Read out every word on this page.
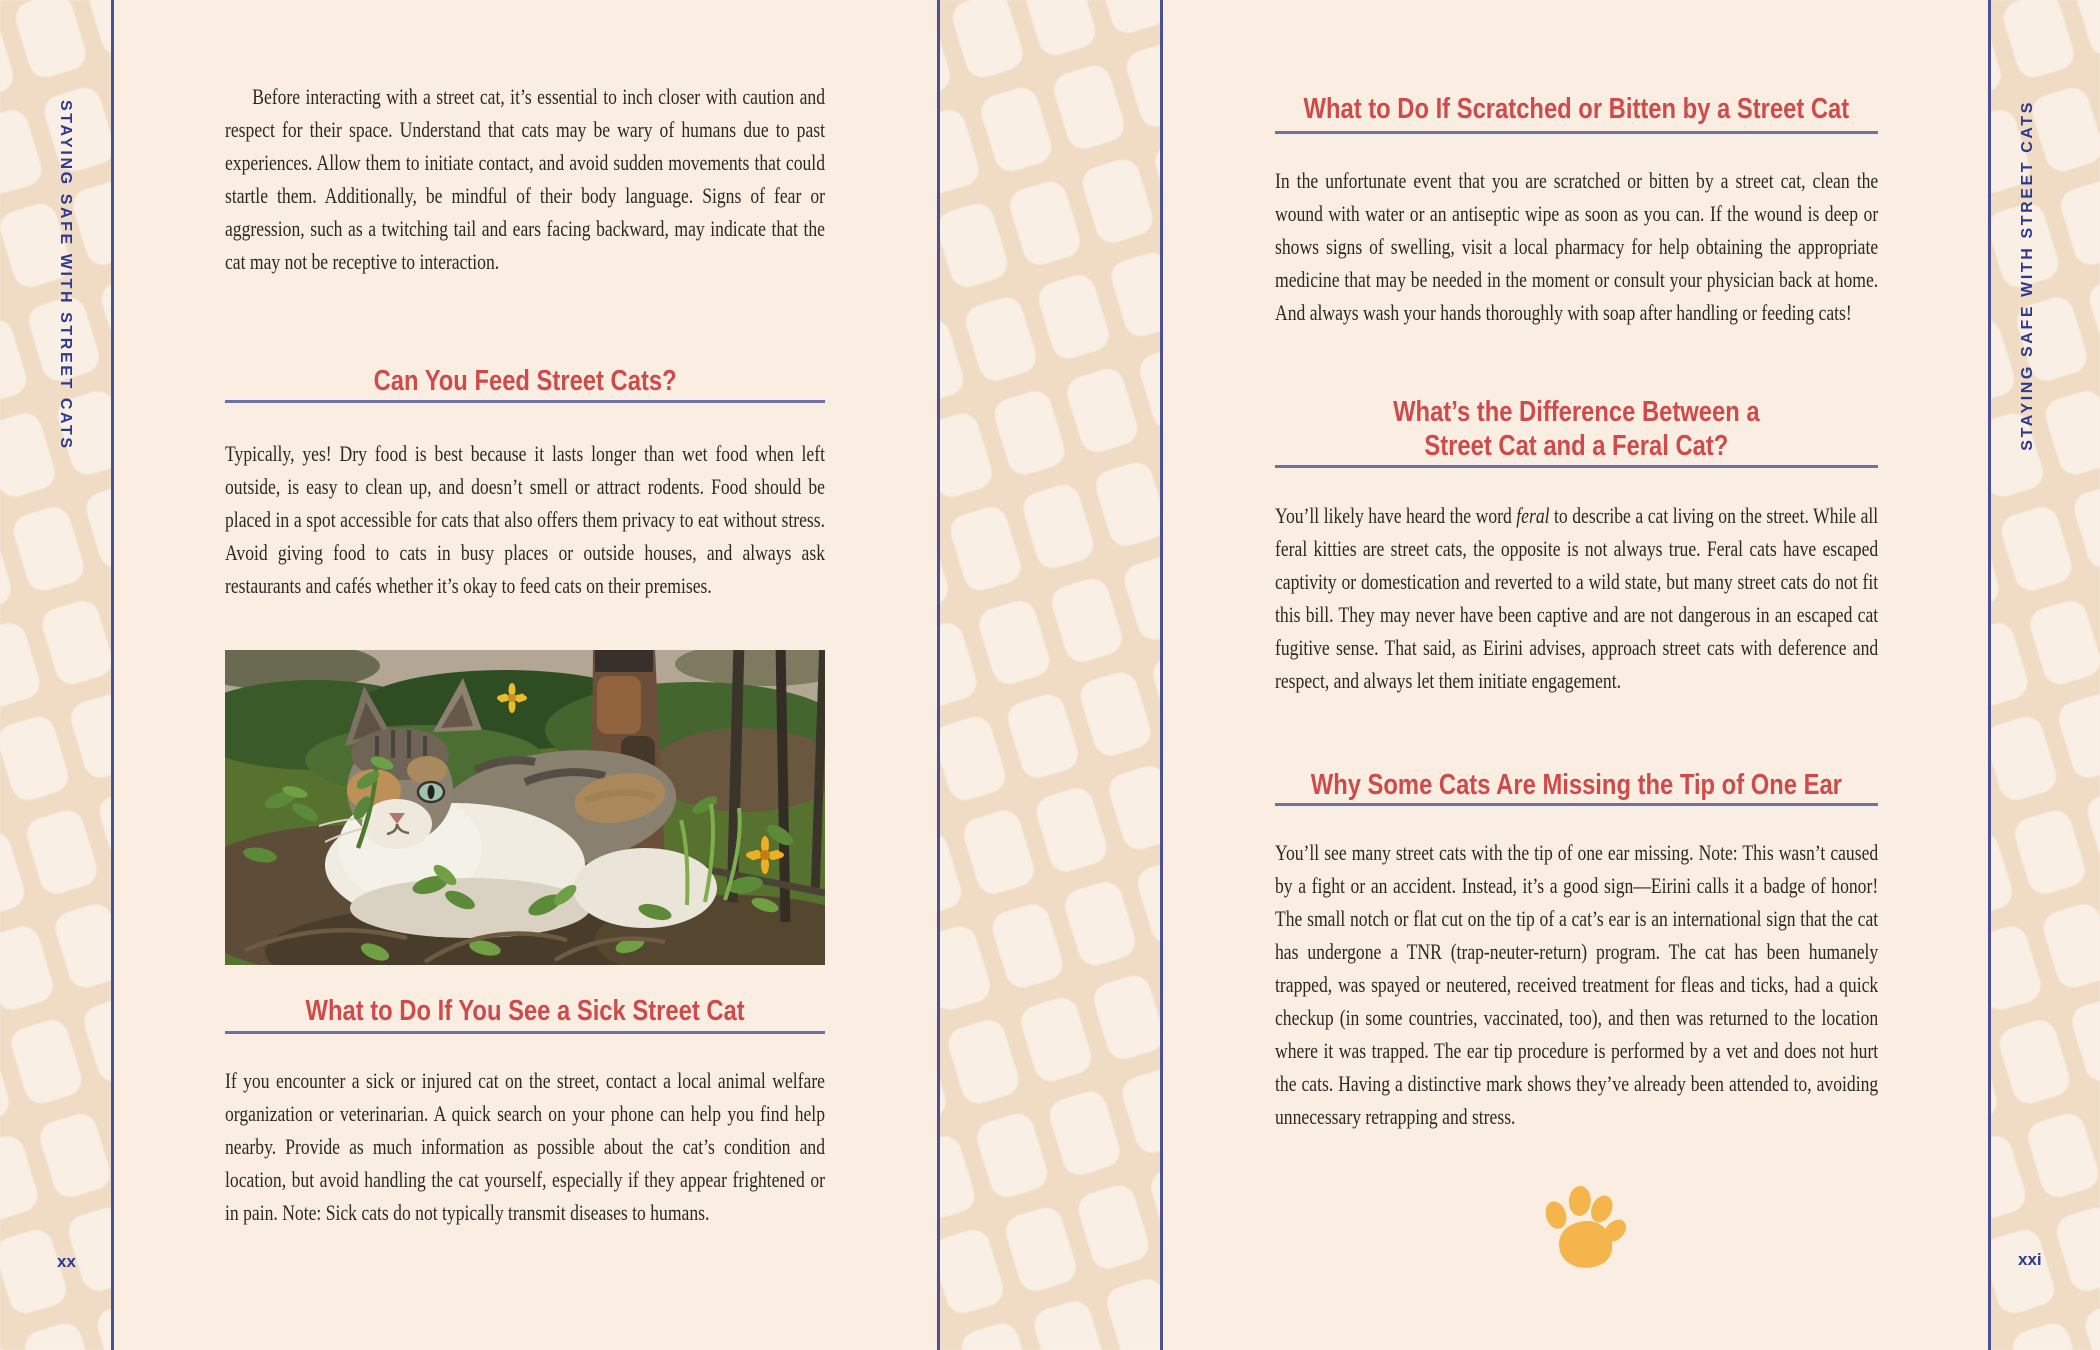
STAYING SAFE WITH STREET CATS	STAYING SAFE WITH STREET CATS
xx	xxi

Before interacting with a street cat, it’s essential to inch closer with caution and respect for their space. Understand that cats may be wary of humans due to past experiences. Allow them to initiate contact, and avoid sudden movements that could startle them. Additionally, be mindful of their body language. Signs of fear or aggression, such as a twitching tail and ears facing backward, may indicate that the cat may not be receptive to interaction.

Can You Feed Street Cats?

Typically, yes! Dry food is best because it lasts longer than wet food when left outside, is easy to clean up, and doesn’t smell or attract rodents. Food should be placed in a spot accessible for cats that also offers them privacy to eat without stress. Avoid giving food to cats in busy places or outside houses, and always ask restaurants and cafés whether it’s okay to feed cats on their premises.

What to Do If You See a Sick Street Cat

If you encounter a sick or injured cat on the street, contact a local animal welfare organization or veterinarian. A quick search on your phone can help you find help nearby. Provide as much information as possible about the cat’s condition and location, but avoid handling the cat yourself, especially if they appear frightened or in pain. Note: Sick cats do not typically transmit diseases to humans.

What to Do If Scratched or Bitten by a Street Cat

In the unfortunate event that you are scratched or bitten by a street cat, clean the wound with water or an antiseptic wipe as soon as you can. If the wound is deep or shows signs of swelling, visit a local pharmacy for help obtaining the appropriate medicine that may be needed in the moment or consult your physician back at home. And always wash your hands thoroughly with soap after handling or feeding cats!

What’s the Difference Between a
Street Cat and a Feral Cat?

You’ll likely have heard the word feral to describe a cat living on the street. While all feral kitties are street cats, the opposite is not always true. Feral cats have escaped captivity or domestication and reverted to a wild state, but many street cats do not fit this bill. They may never have been captive and are not dangerous in an escaped cat fugitive sense. That said, as Eirini advises, approach street cats with deference and respect, and always let them initiate engagement.

Why Some Cats Are Missing the Tip of One Ear

You’ll see many street cats with the tip of one ear missing. Note: This wasn’t caused by a fight or an accident. Instead, it’s a good sign—Eirini calls it a badge of honor! The small notch or flat cut on the tip of a cat’s ear is an international sign that the cat has undergone a TNR (trap-neuter-return) program. The cat has been humanely trapped, was spayed or neutered, received treatment for fleas and ticks, had a quick checkup (in some countries, vaccinated, too), and then was returned to the location where it was trapped. The ear tip procedure is performed by a vet and does not hurt the cats. Having a distinctive mark shows they’ve already been attended to, avoiding unnecessary retrapping and stress.
